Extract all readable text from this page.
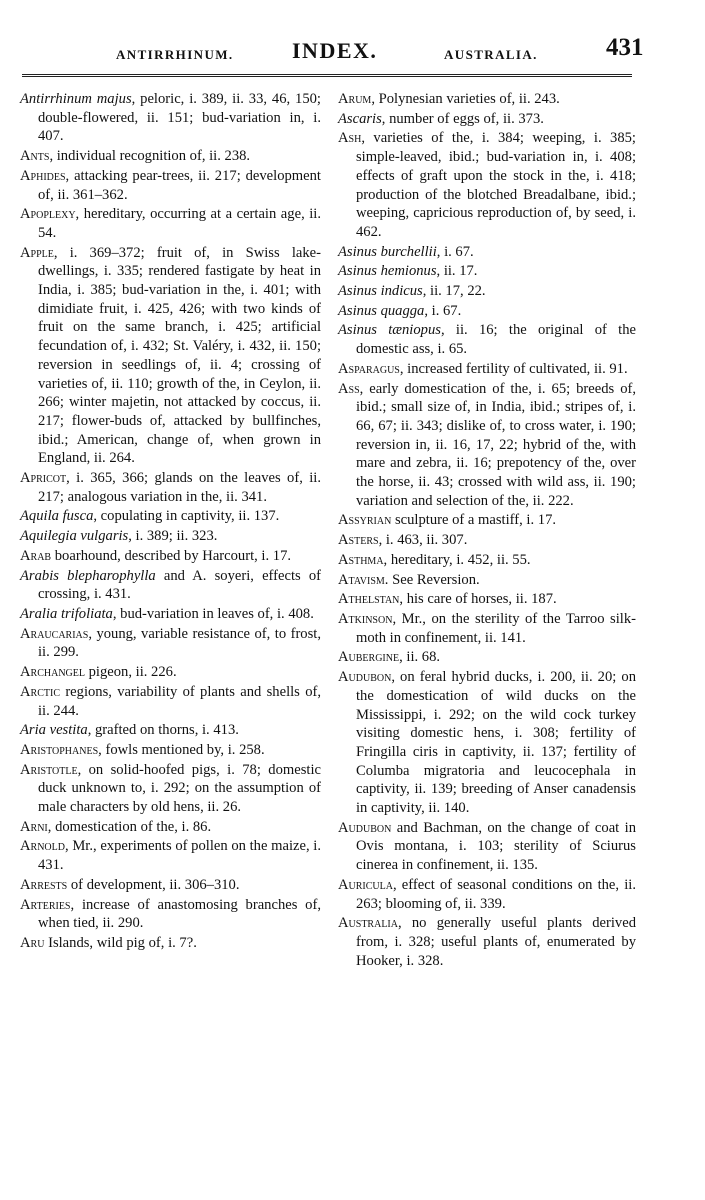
ANTIRRHINUM.	INDEX.	AUSTRALIA.	431

Antirrhinum majus, peloric, i. 389, ii. 33, 46, 150; double-flowered, ii. 151; bud-variation in, i. 407.

Ants, individual recognition of, ii. 238.

Aphides, attacking pear-trees, ii. 217; development of, ii. 361–362.

Apoplexy, hereditary, occurring at a certain age, ii. 54.

Apple, i. 369–372; fruit of, in Swiss lake-dwellings, i. 335; rendered fastigate by heat in India, i. 385; bud-variation in the, i. 401; with dimidiate fruit, i. 425, 426; with two kinds of fruit on the same branch, i. 425; artificial fecundation of, i. 432; St. Valéry, i. 432, ii. 150; reversion in seedlings of, ii. 4; crossing of varieties of, ii. 110; growth of the, in Ceylon, ii. 266; winter majetin, not attacked by coccus, ii. 217; flower-buds of, attacked by bullfinches, ibid.; American, change of, when grown in England, ii. 264.

Apricot, i. 365, 366; glands on the leaves of, ii. 217; analogous variation in the, ii. 341.

Aquila fusca, copulating in captivity, ii. 137.

Aquilegia vulgaris, i. 389; ii. 323.

Arab boarhound, described by Harcourt, i. 17.

Arabis blepharophylla and A. soyeri, effects of crossing, i. 431.

Aralia trifoliata, bud-variation in leaves of, i. 408.

Araucarias, young, variable resistance of, to frost, ii. 299.

Archangel pigeon, ii. 226.

Arctic regions, variability of plants and shells of, ii. 244.

Aria vestita, grafted on thorns, i. 413.

Aristophanes, fowls mentioned by, i. 258.

Aristotle, on solid-hoofed pigs, i. 78; domestic duck unknown to, i. 292; on the assumption of male characters by old hens, ii. 26.

Arni, domestication of the, i. 86.

Arnold, Mr., experiments of pollen on the maize, i. 431.

Arrests of development, ii. 306–310.

Arteries, increase of anastomosing branches of, when tied, ii. 290.

Aru Islands, wild pig of, i. 7?.

Arum, Polynesian varieties of, ii. 243.

Ascaris, number of eggs of, ii. 373.

Ash, varieties of the, i. 384; weeping, i. 385; simple-leaved, ibid.; bud-variation in, i. 408; effects of graft upon the stock in the, i. 418; production of the blotched Breadalbane, ibid.; weeping, capricious reproduction of, by seed, i. 462.

Asinus burchellii, i. 67.

Asinus hemionus, ii. 17.

Asinus indicus, ii. 17, 22.

Asinus quagga, i. 67.

Asinus tæniopus, ii. 16; the original of the domestic ass, i. 65.

Asparagus, increased fertility of cultivated, ii. 91.

Ass, early domestication of the, i. 65; breeds of, ibid.; small size of, in India, ibid.; stripes of, i. 66, 67; ii. 343; dislike of, to cross water, i. 190; reversion in, ii. 16, 17, 22; hybrid of the, with mare and zebra, ii. 16; prepotency of the, over the horse, ii. 43; crossed with wild ass, ii. 190; variation and selection of the, ii. 222.

Assyrian sculpture of a mastiff, i. 17.

Asters, i. 463, ii. 307.

Asthma, hereditary, i. 452, ii. 55.

Atavism. See Reversion.

Athelstan, his care of horses, ii. 187.

Atkinson, Mr., on the sterility of the Tarroo silk-moth in confinement, ii. 141.

Aubergine, ii. 68.

Audubon, on feral hybrid ducks, i. 200, ii. 20; on the domestication of wild ducks on the Mississippi, i. 292; on the wild cock turkey visiting domestic hens, i. 308; fertility of Fringilla ciris in captivity, ii. 137; fertility of Columba migratoria and leucocephala in captivity, ii. 139; breeding of Anser canadensis in captivity, ii. 140.

Audubon and Bachman, on the change of coat in Ovis montana, i. 103; sterility of Sciurus cinerea in confinement, ii. 135.

Auricula, effect of seasonal conditions on the, ii. 263; blooming of, ii. 339.

Australia, no generally useful plants derived from, i. 328; useful plants of, enumerated by Hooker, i. 328.
